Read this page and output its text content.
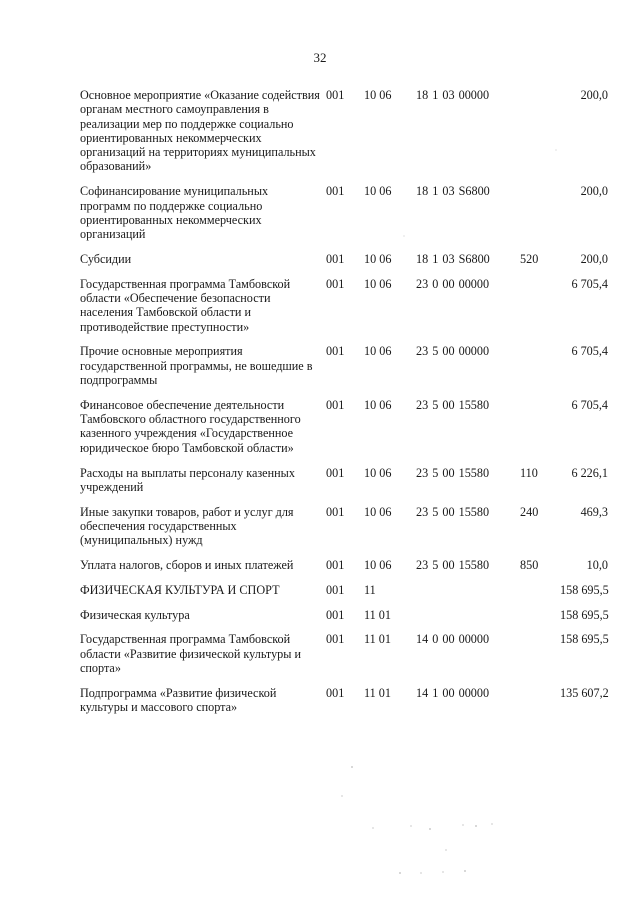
32
Основное мероприятие «Оказание содействия органам местного самоуправления в реализации мер по поддержке социально ориентированных некоммерческих организаций на территориях муниципальных образований»	001	10 06	18 1 03 00000		200,0
Софинансирование муниципальных программ по поддержке социально ориентированных некоммерческих организаций	001	10 06	18 1 03 S6800		200,0
Субсидии	001	10 06	18 1 03 S6800	520	200,0
Государственная программа Тамбовской области «Обеспечение безопасности населения Тамбовской области и противодействие преступности»	001	10 06	23 0 00 00000		6 705,4
Прочие основные мероприятия государственной программы, не вошедшие в подпрограммы	001	10 06	23 5 00 00000		6 705,4
Финансовое обеспечение деятельности Тамбовского областного государственного казенного учреждения «Государственное юридическое бюро Тамбовской области»	001	10 06	23 5 00 15580		6 705,4
Расходы на выплаты персоналу казенных учреждений	001	10 06	23 5 00 15580	110	6 226,1
Иные закупки товаров, работ и услуг для обеспечения государственных (муниципальных) нужд	001	10 06	23 5 00 15580	240	469,3
Уплата налогов, сборов и иных платежей	001	10 06	23 5 00 15580	850	10,0
ФИЗИЧЕСКАЯ КУЛЬТУРА И СПОРТ	001	11			158 695,5
Физическая культура	001	11 01			158 695,5
Государственная программа Тамбовской области «Развитие физической культуры и спорта»	001	11 01	14 0 00 00000		158 695,5
Подпрограмма «Развитие физической культуры и массового спорта»	001	11 01	14 1 00 00000		135 607,2
